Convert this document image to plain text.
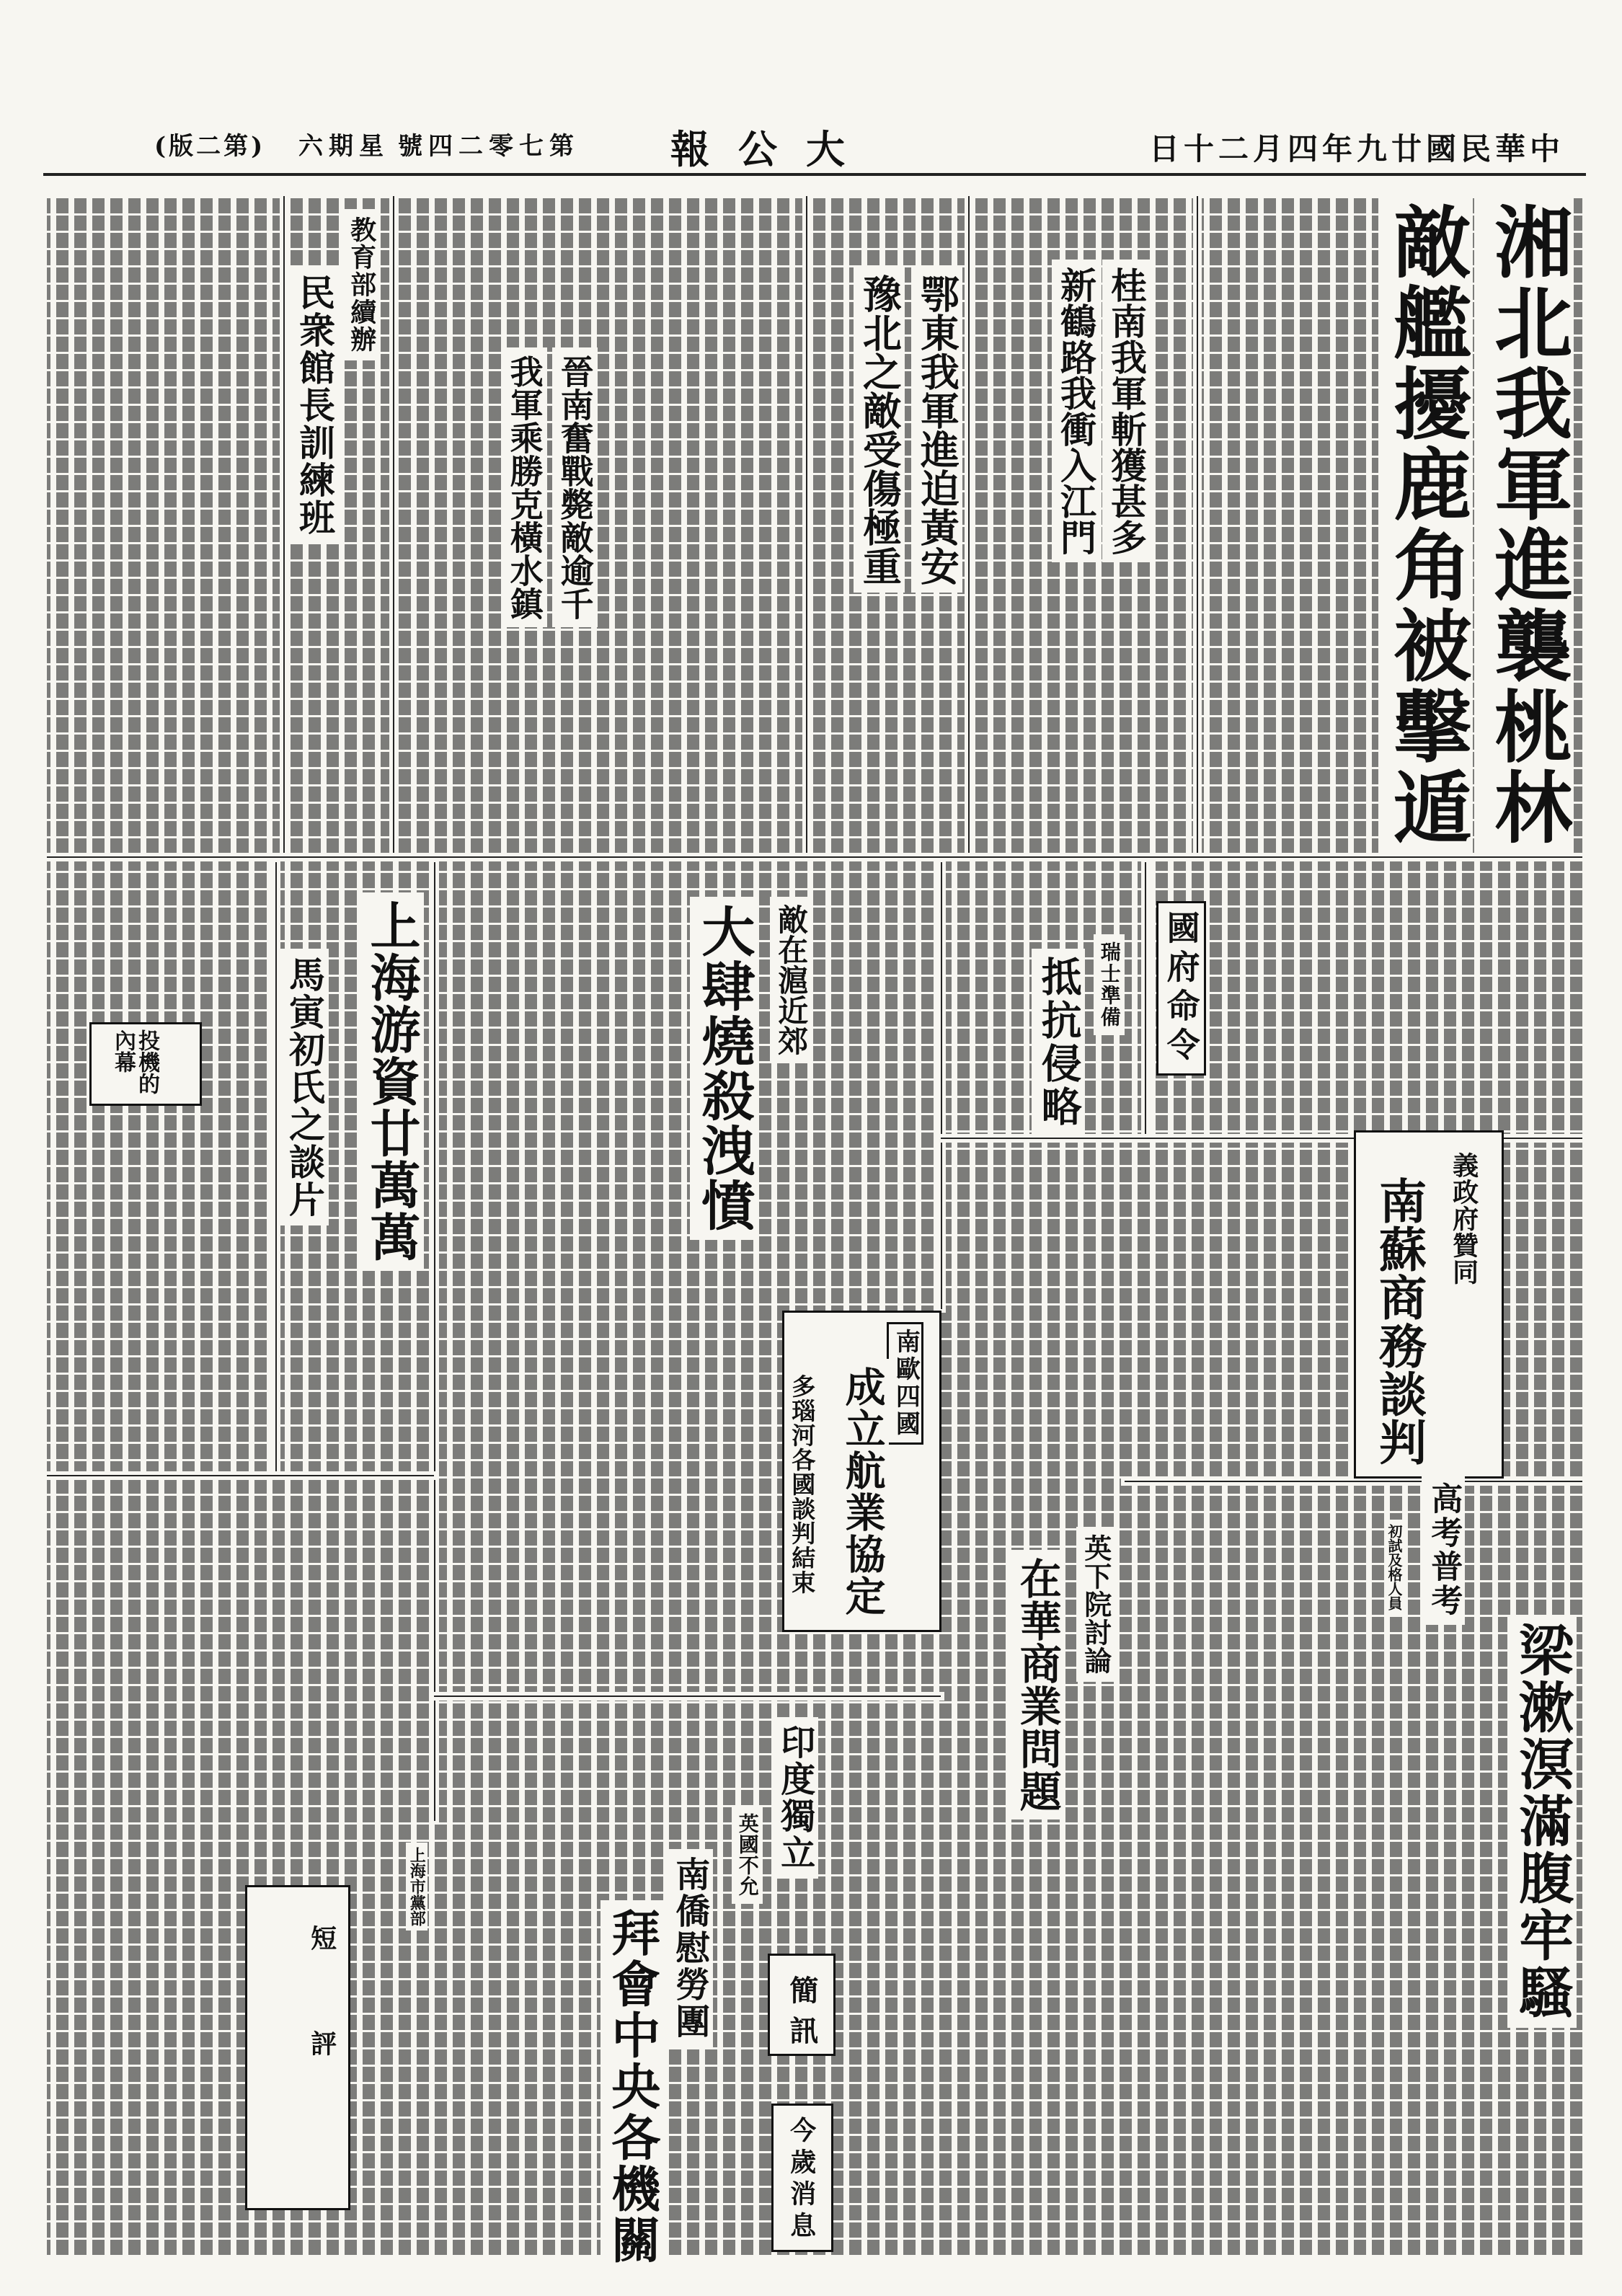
中華民國廿九年四月二十日
大公報
第七零二四號
星期六
(第二版)
湘北我軍進襲桃林
敵艦擾鹿角被擊遁
桂南我軍斬獲甚多
新鶴路我衝入江門
鄂東我軍進迫黃安
豫北之敵受傷極重
晉南奮戰斃敵逾千
我軍乘勝克橫水鎮
教育部續辦
民衆館長訓練班
國府命令
瑞士準備
抵抗侵略
敵在滬近郊
大肆燒殺洩憤
上海游資廿萬萬
馬寅初氏之談片
義政府贊同
南蘇商務談判
南歐四國
成立航業協定
多瑙河各國談判結束	高考普考
初試及格人員
英下院討論
在華商業問題	梁漱溟滿腹牢騷
印度獨立
英國不允
南僑慰勞團
拜會中央各機關
上海市黨部
短評	簡訊
今歲消息
投機的內幕
